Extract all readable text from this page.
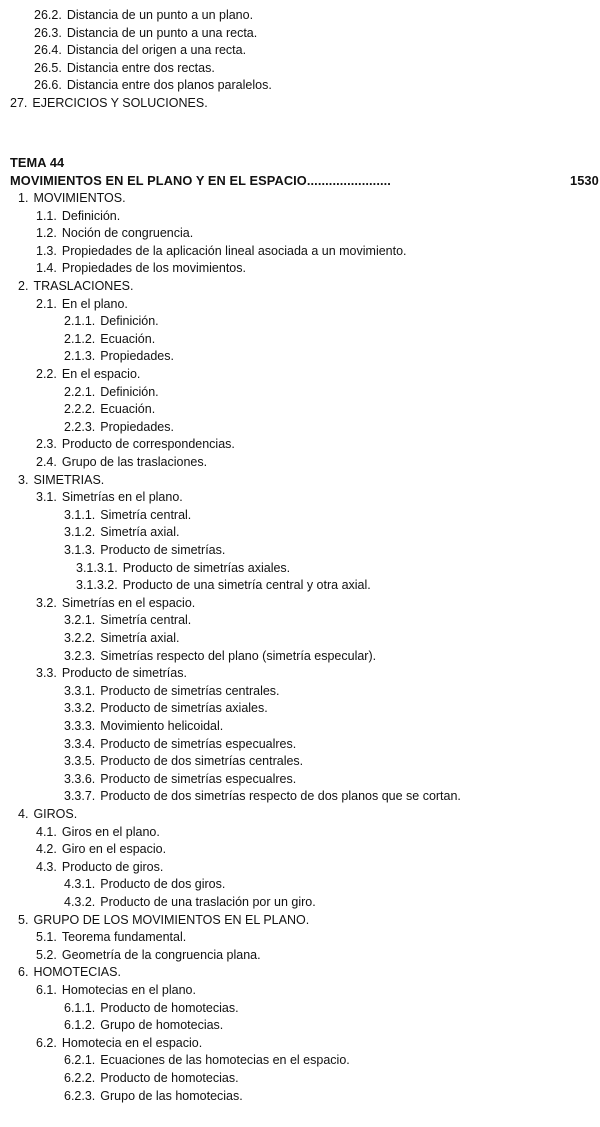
26.2. Distancia de un punto a un plano.
26.3. Distancia de un punto a una recta.
26.4. Distancia del origen a una recta.
26.5. Distancia entre dos rectas.
26.6. Distancia entre dos planos paralelos.
27. EJERCICIOS Y SOLUCIONES.
TEMA 44
MOVIMIENTOS EN EL PLANO Y EN EL ESPACIO.......................	1530
1. MOVIMIENTOS.
1.1. Definición.
1.2. Noción de congruencia.
1.3. Propiedades de la aplicación lineal asociada a un movimiento.
1.4. Propiedades de los movimientos.
2. TRASLACIONES.
2.1. En el plano.
2.1.1. Definición.
2.1.2. Ecuación.
2.1.3. Propiedades.
2.2. En el espacio.
2.2.1. Definición.
2.2.2. Ecuación.
2.2.3. Propiedades.
2.3. Producto de correspondencias.
2.4. Grupo de las traslaciones.
3. SIMETRIAS.
3.1. Simetrías en el plano.
3.1.1. Simetría central.
3.1.2. Simetría axial.
3.1.3. Producto de simetrías.
3.1.3.1. Producto de simetrías axiales.
3.1.3.2. Producto de una simetría central y otra axial.
3.2. Simetrías en el espacio.
3.2.1. Simetría central.
3.2.2. Simetría axial.
3.2.3. Simetrías respecto del plano (simetría especular).
3.3. Producto de simetrías.
3.3.1. Producto de simetrías centrales.
3.3.2. Producto de simetrías axiales.
3.3.3. Movimiento helicoidal.
3.3.4. Producto de simetrías especualres.
3.3.5. Producto de dos simetrías centrales.
3.3.6. Producto de simetrías especualres.
3.3.7. Producto de dos simetrías respecto de dos planos que se cortan.
4. GIROS.
4.1. Giros en el plano.
4.2. Giro en el espacio.
4.3. Producto de giros.
4.3.1. Producto de dos giros.
4.3.2. Producto de una traslación por un giro.
5. GRUPO DE LOS MOVIMIENTOS EN EL PLANO.
5.1. Teorema fundamental.
5.2. Geometría de la congruencia plana.
6. HOMOTECIAS.
6.1. Homotecias en el plano.
6.1.1. Producto de homotecias.
6.1.2. Grupo de homotecias.
6.2. Homotecia en el espacio.
6.2.1. Ecuaciones de las homotecias en el espacio.
6.2.2. Producto de homotecias.
6.2.3. Grupo de las homotecias.
